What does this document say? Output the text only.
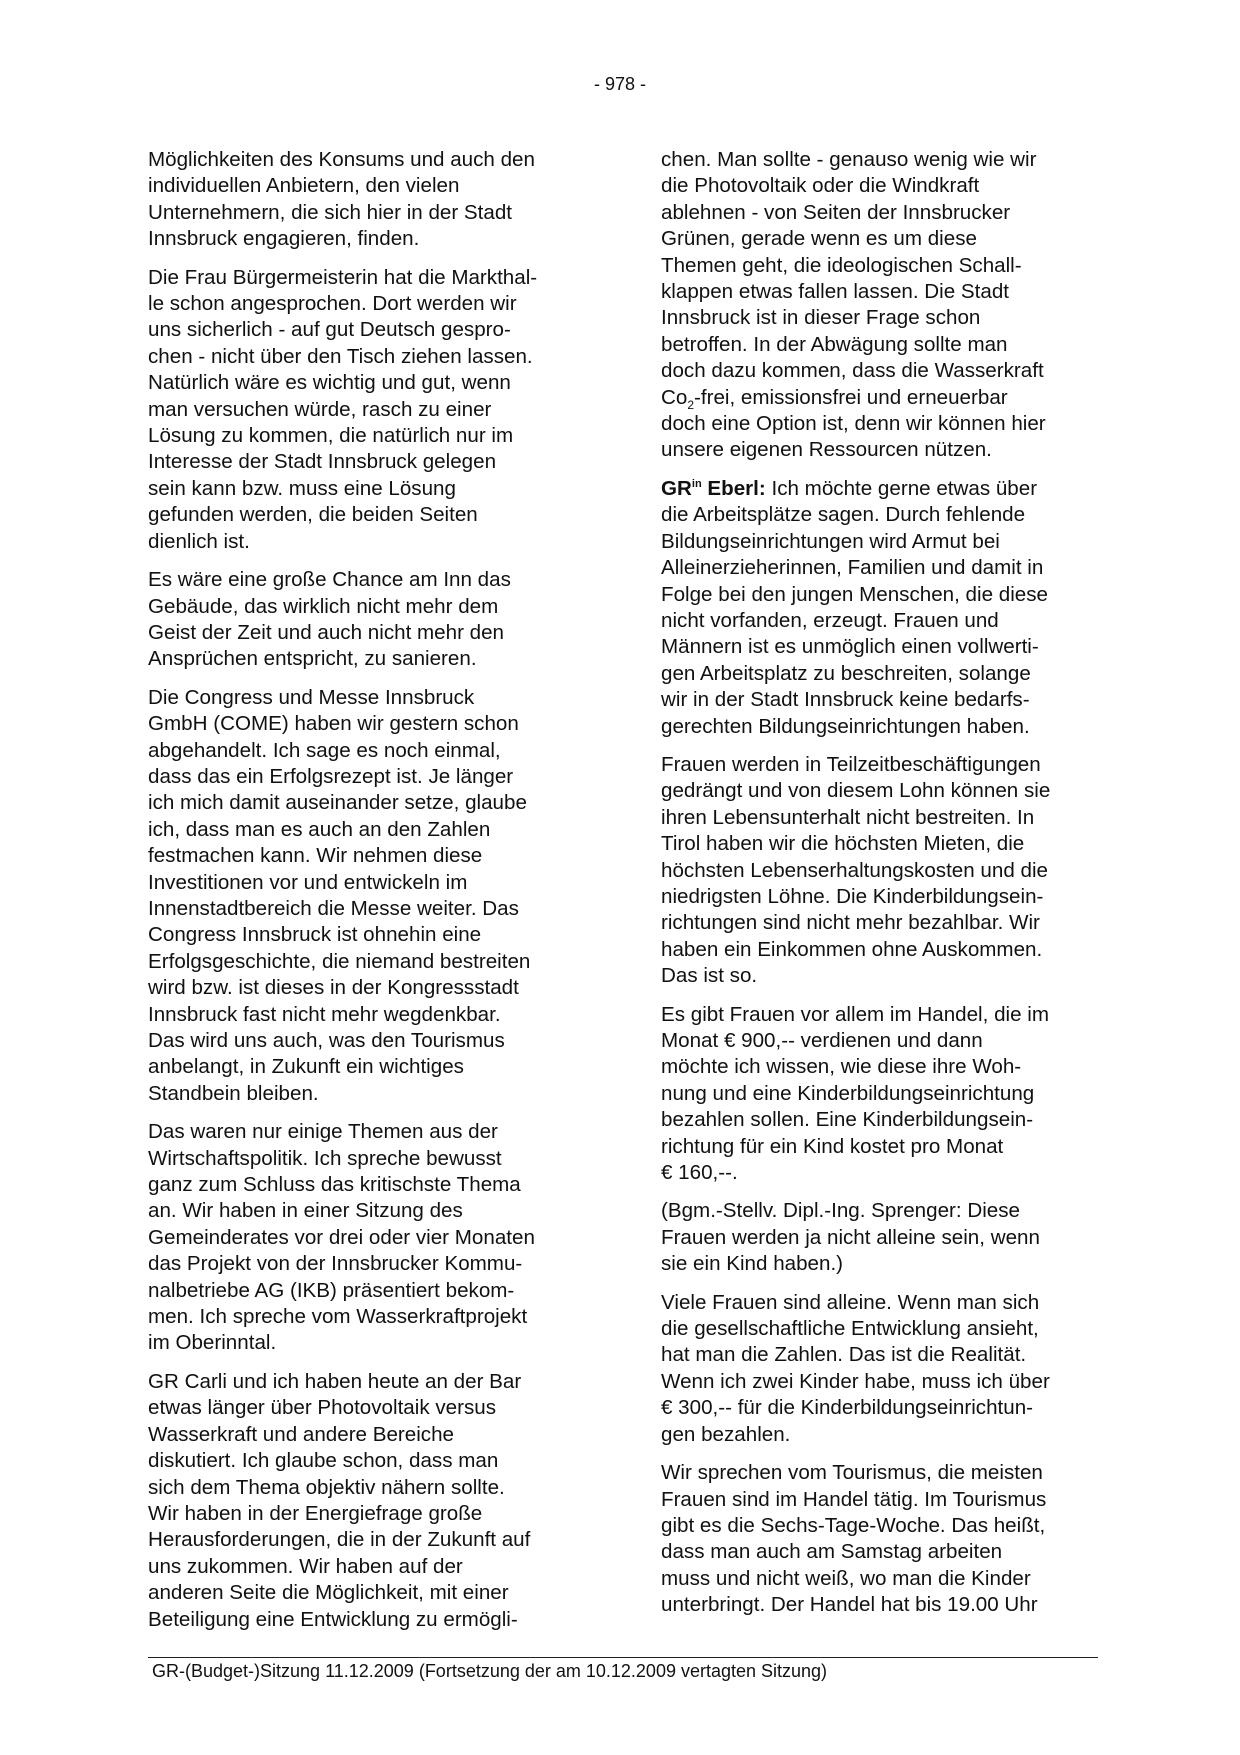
- 978 -

Möglichkeiten des Konsums und auch den
individuellen Anbietern, den vielen
Unternehmern, die sich hier in der Stadt
Innsbruck engagieren, finden.

Die Frau Bürgermeisterin hat die Markthal-
le schon angesprochen. Dort werden wir
uns sicherlich - auf gut Deutsch gespro-
chen - nicht über den Tisch ziehen lassen.
Natürlich wäre es wichtig und gut, wenn
man versuchen würde, rasch zu einer
Lösung zu kommen, die natürlich nur im
Interesse der Stadt Innsbruck gelegen
sein kann bzw. muss eine Lösung
gefunden werden, die beiden Seiten
dienlich ist.

Es wäre eine große Chance am Inn das
Gebäude, das wirklich nicht mehr dem
Geist der Zeit und auch nicht mehr den
Ansprüchen entspricht, zu sanieren.

Die Congress und Messe Innsbruck
GmbH (COME) haben wir gestern schon
abgehandelt. Ich sage es noch einmal,
dass das ein Erfolgsrezept ist. Je länger
ich mich damit auseinander setze, glaube
ich, dass man es auch an den Zahlen
festmachen kann. Wir nehmen diese
Investitionen vor und entwickeln im
Innenstadtbereich die Messe weiter. Das
Congress Innsbruck ist ohnehin eine
Erfolgsgeschichte, die niemand bestreiten
wird bzw. ist dieses in der Kongressstadt
Innsbruck fast nicht mehr wegdenkbar.
Das wird uns auch, was den Tourismus
anbelangt, in Zukunft ein wichtiges
Standbein bleiben.

Das waren nur einige Themen aus der
Wirtschaftspolitik. Ich spreche bewusst
ganz zum Schluss das kritischste Thema
an. Wir haben in einer Sitzung des
Gemeinderates vor drei oder vier Monaten
das Projekt von der Innsbrucker Kommu-
nalbetriebe AG (IKB) präsentiert bekom-
men. Ich spreche vom Wasserkraftprojekt
im Oberinntal.

GR Carli und ich haben heute an der Bar
etwas länger über Photovoltaik versus
Wasserkraft und andere Bereiche
diskutiert. Ich glaube schon, dass man
sich dem Thema objektiv nähern sollte.
Wir haben in der Energiefrage große
Herausforderungen, die in der Zukunft auf
uns zukommen. Wir haben auf der
anderen Seite die Möglichkeit, mit einer
Beteiligung eine Entwicklung zu ermögli-

chen. Man sollte - genauso wenig wie wir
die Photovoltaik oder die Windkraft
ablehnen - von Seiten der Innsbrucker
Grünen, gerade wenn es um diese
Themen geht, die ideologischen Schall-
klappen etwas fallen lassen. Die Stadt
Innsbruck ist in dieser Frage schon
betroffen. In der Abwägung sollte man
doch dazu kommen, dass die Wasserkraft
$Co_2$-frei, emissionsfrei und erneuerbar
doch eine Option ist, denn wir können hier
unsere eigenen Ressourcen nützen.

$GR^{in}$ Eberl: Ich möchte gerne etwas über
die Arbeitsplätze sagen. Durch fehlende
Bildungseinrichtungen wird Armut bei
Alleinerzieherinnen, Familien und damit in
Folge bei den jungen Menschen, die diese
nicht vorfanden, erzeugt. Frauen und
Männern ist es unmöglich einen vollwerti-
gen Arbeitsplatz zu beschreiten, solange
wir in der Stadt Innsbruck keine bedarfs-
gerechten Bildungseinrichtungen haben.

Frauen werden in Teilzeitbeschäftigungen
gedrängt und von diesem Lohn können sie
ihren Lebensunterhalt nicht bestreiten. In
Tirol haben wir die höchsten Mieten, die
höchsten Lebenserhaltungskosten und die
niedrigsten Löhne. Die Kinderbildungsein-
richtungen sind nicht mehr bezahlbar. Wir
haben ein Einkommen ohne Auskommen.
Das ist so.

Es gibt Frauen vor allem im Handel, die im
Monat € 900,-- verdienen und dann
möchte ich wissen, wie diese ihre Woh-
nung und eine Kinderbildungseinrichtung
bezahlen sollen. Eine Kinderbildungsein-
richtung für ein Kind kostet pro Monat
€ 160,--.

(Bgm.-Stellv. Dipl.-Ing. Sprenger: Diese
Frauen werden ja nicht alleine sein, wenn
sie ein Kind haben.)

Viele Frauen sind alleine. Wenn man sich
die gesellschaftliche Entwicklung ansieht,
hat man die Zahlen. Das ist die Realität.
Wenn ich zwei Kinder habe, muss ich über
€ 300,-- für die Kinderbildungseinrichtun-
gen bezahlen.

Wir sprechen vom Tourismus, die meisten
Frauen sind im Handel tätig. Im Tourismus
gibt es die Sechs-Tage-Woche. Das heißt,
dass man auch am Samstag arbeiten
muss und nicht weiß, wo man die Kinder
unterbringt. Der Handel hat bis 19.00 Uhr

GR-(Budget-)Sitzung 11.12.2009 (Fortsetzung der am 10.12.2009 vertagten Sitzung)
